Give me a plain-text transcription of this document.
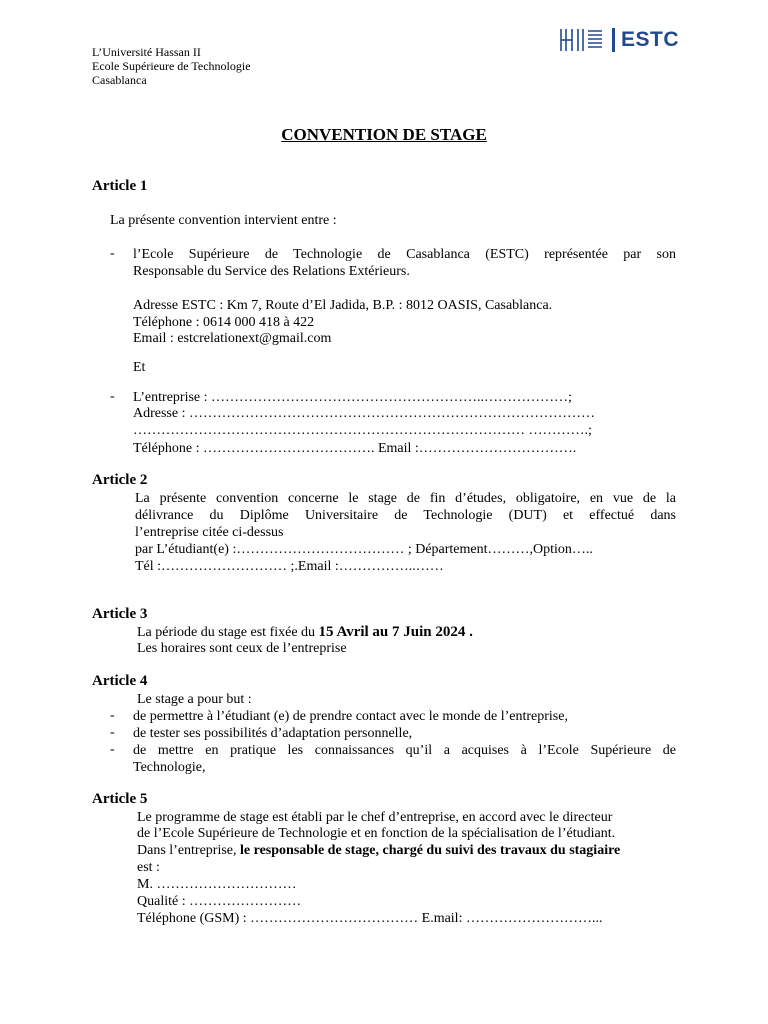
L’Université Hassan II
Ecole Supérieure de Technologie
Casablanca
ESTC
CONVENTION DE STAGE
Article 1
La présente convention intervient entre :
- l’Ecole Supérieure de Technologie de Casablanca (ESTC) représentée par son
Responsable du Service des Relations Extérieurs.
Adresse ESTC : Km 7, Route d’El Jadida, B.P. : 8012 OASIS, Casablanca.
Téléphone : 0614 000 418 à 422
Email : estcrelationext@gmail.com
Et
- L’entreprise : …………………………………………………..………………;
Adresse : ……………………………………………………………………………
………………………………………………………………………… ………….;
Téléphone : ………………………………. Email :…………………………….
Article 2
La présente convention concerne le stage de fin d’études, obligatoire, en vue de la
délivrance du Diplôme Universitaire de Technologie (DUT) et effectué dans
l’entreprise citée ci-dessus
par L’étudiant(e) :……………………………… ; Département………,Option…..
Tél :……………………… ;.Email :……………..……
Article 3
La période du stage est fixée du 15 Avril au 7 Juin 2024 .
Les horaires sont ceux de l’entreprise
Article 4
Le stage a pour but :
- de permettre à l’étudiant (e) de prendre contact avec le monde de l’entreprise,
- de tester ses possibilités d’adaptation personnelle,
- de mettre en pratique les connaissances qu’il a acquises à l’Ecole Supérieure de
Technologie,
Article 5
Le programme de stage est établi par le chef d’entreprise, en accord avec le directeur
de l’Ecole Supérieure de Technologie et en fonction de la spécialisation de l’étudiant.
Dans l’entreprise, le responsable de stage, chargé du suivi des travaux du stagiaire
est :
M. …………………………
Qualité : ……………………
Téléphone (GSM) : ……………………………… E.mail: ………………………...
